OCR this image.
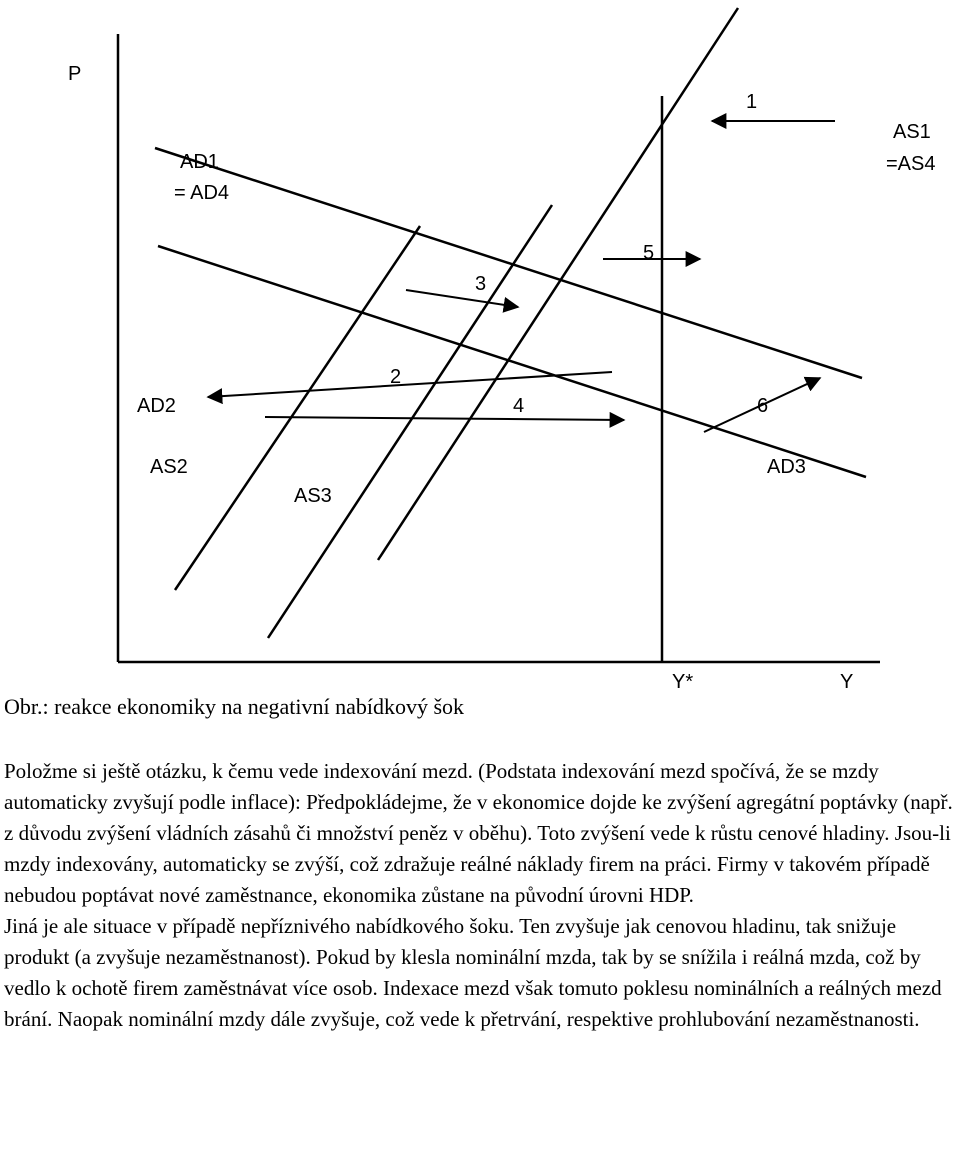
P
Y*	Y
AS1
=AS4
AD1
= AD4
AD2
AS2
AS3
AD3
1
2
3
4
5
6
Obr.: reakce ekonomiky na negativní nabídkový šok

Položme si ještě otázku, k čemu vede indexování mezd. (Podstata indexování mezd spočívá, že se mzdy automaticky zvyšují podle inflace): Předpokládejme, že v ekonomice dojde ke zvýšení agregátní poptávky (např. z důvodu zvýšení vládních zásahů či množství peněz v oběhu). Toto zvýšení vede k růstu cenové hladiny. Jsou-li mzdy indexovány, automaticky se zvýší, což zdražuje reálné náklady firem na práci. Firmy v takovém případě nebudou poptávat nové zaměstnance, ekonomika zůstane na původní úrovni HDP.

Jiná je ale situace v případě nepříznivého nabídkového šoku. Ten zvyšuje jak cenovou hladinu, tak snižuje produkt (a zvyšuje nezaměstnanost). Pokud by klesla nominální mzda, tak by se snížila i reálná mzda, což by vedlo k ochotě firem zaměstnávat více osob. Indexace mezd však tomuto poklesu nominálních a reálných mezd brání. Naopak nominální mzdy dále zvyšuje, což vede k přetrvání, respektive prohlubování nezaměstnanosti.
